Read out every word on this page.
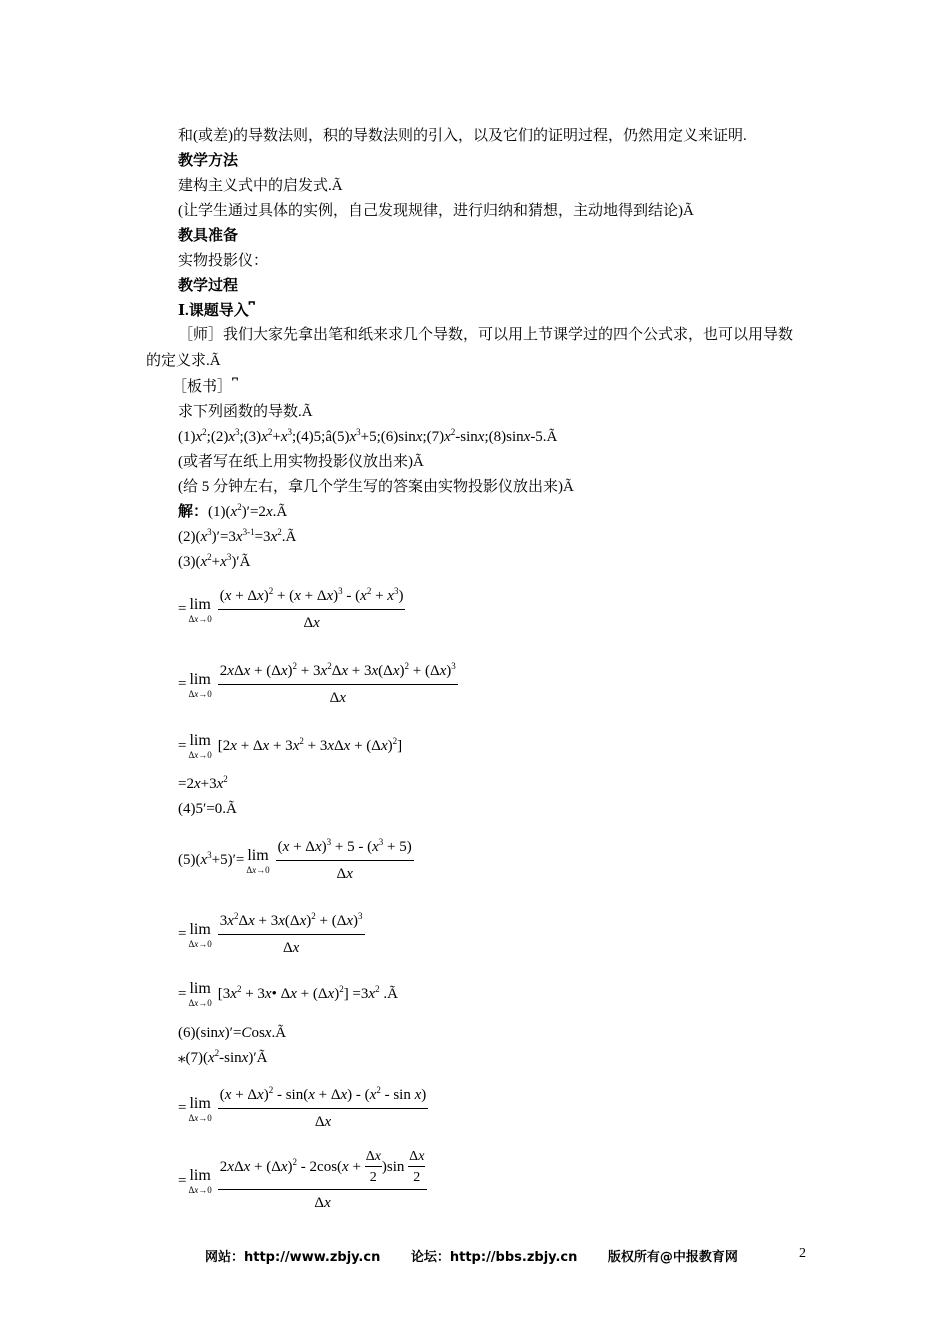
和(或差)的导数法则，积的导数法则的引入，以及它们的证明过程，仍然用定义来证明.
教学方法
建构主义式中的启发式.Ã
(让学生通过具体的实例，自己发现规律，进行归纳和猜想，主动地得到结论)Ã
教具准备
实物投影仪：
教学过程
Ⅰ.课题导入⎴
［师］我们大家先拿出笔和纸来求几个导数，可以用上节课学过的四个公式求，也可以用导数的定义求.Ã
［板书］⎴
求下列函数的导数.Ã
$(1)x^2;(2)x^3;(3)x^2+x^3;(4)5;â(5)x^3+5;(6)\sin x;(7)x^2-\sin x;(8)\sin x-5.Ã$
(或者写在纸上用实物投影仪放出来)Ã
(给 5 分钟左右，拿几个学生写的答案由实物投影仪放出来)Ã
解：$(1)(x^2)'=2x.Ã$
$(2)(x^3)'=3x^{3-1}=3x^2.Ã$
$(3)(x^2+x^3)'Ã$
= lim
$\Delta x\to 0 \frac{(x + \Delta x)^2 + (x + \Delta x)^3 - (x^2 + x^3)}{\Delta x}$
= lim
$\Delta x\to 0 \frac{2x\Delta x + (\Delta x)^2 + 3x^2\Delta x + 3x(\Delta x)^2 + (\Delta x)^3}{\Delta x}$
= lim
Δx→0
$[2x + \Delta x + 3x^2 + 3x\Delta x + (\Delta x)^2]$
$=2x+3x^2$
(4)5′=0.Ã
$(5)(x^3+5)'= \lim$
$\Delta x\to 0 \frac{(x + \Delta x)^3 + 5 - (x^3 + 5)}{\Delta x}$
= lim
$\Delta x\to 0 \frac{3x^2\Delta x + 3x(\Delta x)^2 + (\Delta x)^3}{\Delta x}$
= lim
Δx→0
[$3x^2$ + 3x• $\Delta x + (\Delta x)^2] =3x^2$ .Ã
(6)(sinx)′=Cosx.Ã
$⁎(7)(x^2-\sin x)'Ã$
= lim
$\Delta x\to 0 \frac{(x + \Delta x)^2 - \sin(x + \Delta x) - (x^2 - \sin x)}{\Delta x}$
= lim
$\Delta x\to 0 \frac{2x\Delta x + (\Delta x)^2 - 2\cos(x + \frac{\Delta x}{2} )\sin \frac{\Delta x}{2}}{\Delta x}$
网站：http://www.zbjy.cn 论坛：http://bbs.zbjy.cn 版权所有@中报教育网	2
